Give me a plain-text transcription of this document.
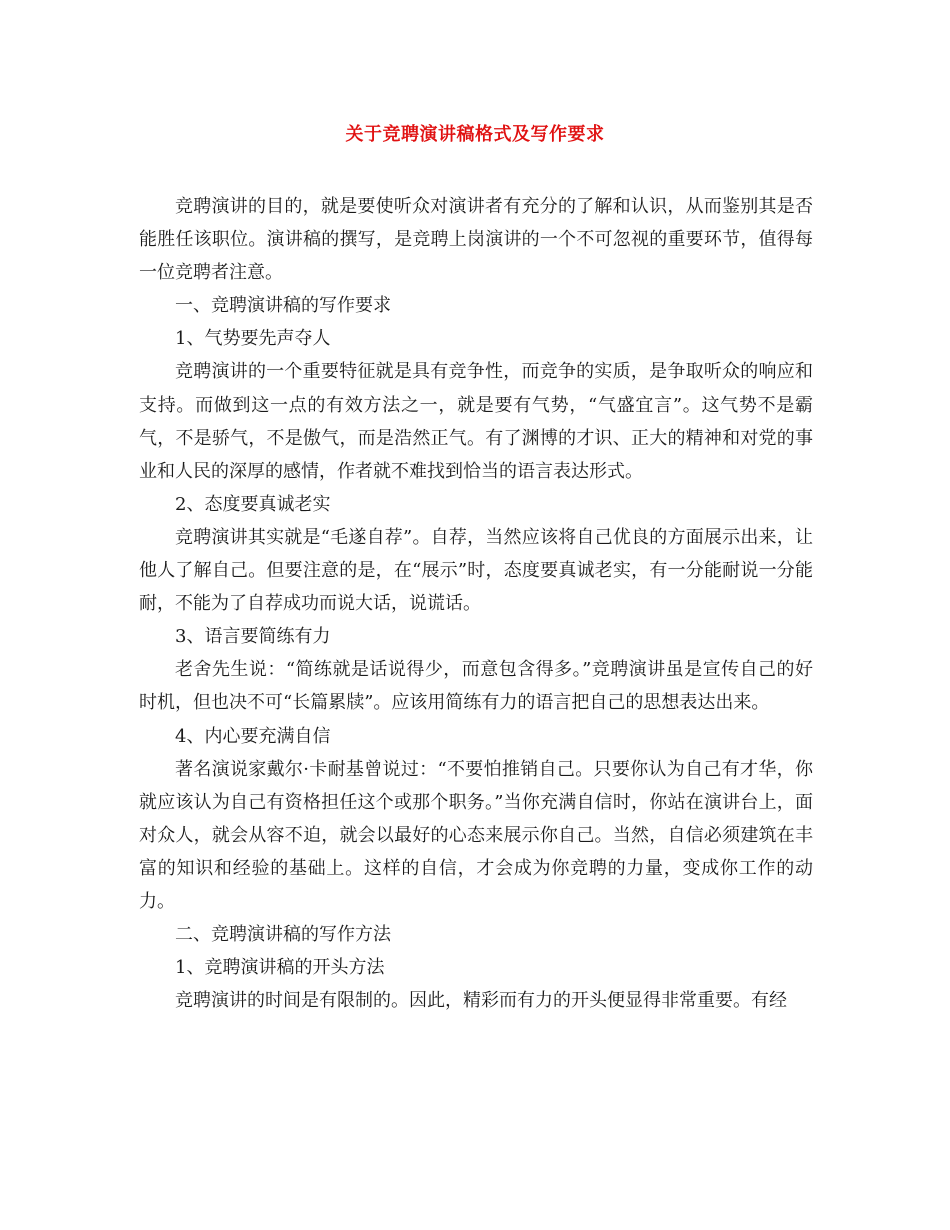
关于竞聘演讲稿格式及写作要求

竞聘演讲的目的，就是要使听众对演讲者有充分的了解和认识，从而鉴别其是否能胜任该职位。演讲稿的撰写，是竞聘上岗演讲的一个不可忽视的重要环节，值得每一位竞聘者注意。

一、竞聘演讲稿的写作要求

1、气势要先声夺人

竞聘演讲的一个重要特征就是具有竞争性，而竞争的实质，是争取听众的响应和支持。而做到这一点的有效方法之一，就是要有气势，“气盛宜言”。这气势不是霸气，不是骄气，不是傲气，而是浩然正气。有了渊博的才识、正大的精神和对党的事业和人民的深厚的感情，作者就不难找到恰当的语言表达形式。

2、态度要真诚老实

竞聘演讲其实就是“毛遂自荐”。自荐，当然应该将自己优良的方面展示出来，让他人了解自己。但要注意的是，在“展示”时，态度要真诚老实，有一分能耐说一分能耐，不能为了自荐成功而说大话，说谎话。

3、语言要简练有力

老舍先生说：“简练就是话说得少，而意包含得多。”竞聘演讲虽是宣传自己的好时机，但也决不可“长篇累牍”。应该用简练有力的语言把自己的思想表达出来。

4、内心要充满自信

著名演说家戴尔·卡耐基曾说过：“不要怕推销自己。只要你认为自己有才华，你就应该认为自己有资格担任这个或那个职务。”当你充满自信时，你站在演讲台上，面对众人，就会从容不迫，就会以最好的心态来展示你自己。当然，自信必须建筑在丰富的知识和经验的基础上。这样的自信，才会成为你竞聘的力量，变成你工作的动力。

二、竞聘演讲稿的写作方法

1、竞聘演讲稿的开头方法

竞聘演讲的时间是有限制的。因此，精彩而有力的开头便显得非常重要。有经
